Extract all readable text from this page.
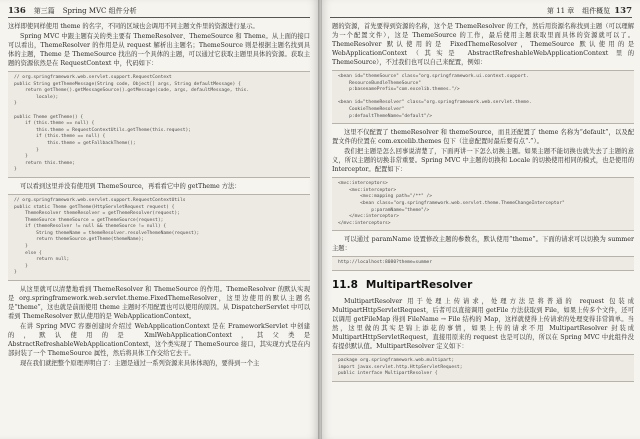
136 第三篇 Spring MVC 组件分析

这样即使同样使用 theme 的名字，不同的区域也会调用不同主题文件里的资源进行显示。

Spring MVC 中跟主题有关的类主要有 ThemeResolver、ThemeSource 和 Theme。从上面的接口可以看出，ThemeResolver 的作用是从 request 解析出主题名；ThemeSource 则是根据主题名找到具体的主题，Theme 是 ThemeSource 找出的一个具体的主题，可以通过它获取主题里具体的资源。获取主题的资源依然是在 RequestContext 中，代码如下：

// org.springframework.web.servlet.support.RequestContext
public String getThemeMessage(String code, Object[] args, String defaultMessage) {
return getTheme().getMessageSource().getMessage(code, args, defaultMessage, this.
locale);
}

public Theme getTheme() {
if (this.theme == null) {
this.theme = RequestContextUtils.getTheme(this.request);
if (this.theme == null) {
this.theme = getFallbackTheme();
}
}
return this.theme;
}

可以看到这里并没有使用到 ThemeSource，再看看它中的 getTheme 方法：

// org.springframework.web.servlet.support.RequestContextUtils
public static Theme getTheme(HttpServletRequest request) {
ThemeResolver themeResolver = getThemeResolver(request);
ThemeSource themeSource = getThemeSource(request);
if (themeResolver != null && themeSource != null) {
String themeName = themeResolver.resolveThemeName(request);
return themeSource.getTheme(themeName);
}
else {
return null;
}
}

从这里就可以清楚地看到 ThemeResolver 和 ThemeSource 的作用。ThemeResolver 的默认实现是 org.springframework.web.servlet.theme.FixedThemeResolver，这里边使用的默认主题名是“theme”，这也就是前面使用 theme 主题时不用配置也可以使用的原因。从 DispatcherServlet 中可以看到 ThemeResolver 默认使用的是 WebApplicationContext。

在讲 Spring MVC 容器创建时介绍过 WebApplicationContext 是在 FrameworkServlet 中创建的，默认使用的是 XmlWebApplicationContext，其父类是 AbstractRefreshableWebApplicationContext，这个类实现了 ThemeSource 接口，其实现方式是在内部封装了一个 ThemeSource 属性，然后将具体工作交给它去干。

现在我们就把整个原理弄明白了：主题是通过一系列资源来具体体现的，要得到一个主

第 11 章 组件概览 137

题的资源，首先要得到资源的名称，这个是 ThemeResolver 的工作，然后用资源名称找到主题（可以理解为一个配置文件），这是 ThemeSource 的工作，最后使用主题获取里面具体的资源就可以了。ThemeResolver 默认使用的是 FixedThemeResolver，ThemeSource 默认使用的是 WebApplicationContext（其实是 AbstractRefreshableWebApplicationContext 里的 ThemeSource），不过我们也可以自己来配置，例如：

<bean id="themeSource" class="org.springframework.ui.context.support.
ResourceBundleThemeSource"
p:basenamePrefix="com.excelib.themes."/>

<bean id="themeResolver" class="org.springframework.web.servlet.theme.
CookieThemeResolver"
p:defaultThemeName="default"/>

这里不仅配置了 themeResolver 和 themeSource，而且还配置了 theme 名称为“default”，以及配置文件的位置在 com.excelib.themes 包下（注意配置时最后要有点“.”）。

我们把主题是怎么回事说清楚了，下面再讲一下怎么切换主题。如果主题不能切换也就失去了主题的意义，所以主题的切换非常重要。Spring MVC 中主题的切换和 Locale 的切换使用相同的模式，也是使用的 Interceptor。配置如下：

<mvc:interceptors>
<mvc:interceptor>
<mvc:mapping path="/**" />
<bean class="org.springframework.web.servlet.theme.ThemeChangeInterceptor"
p:paramName="theme"/>
</mvc:interceptor>
</mvc:interceptors>

可以通过 paramName 设置修改主题的参数名，默认使用“theme”。下面的请求可以切换为 summer 主题：

http://localhost:8080?theme=summer
11.8 MultipartResolver

MultipartResolver 用于处理上传请求，处理方法是将普通的 request 包装成 MultipartHttpServletRequest，后者可以直接调用 getFile 方法获取到 File，如果上传多个文件，还可以调用 getFileMap 得到 FileName → File 结构的 Map，这样就使得上传请求的处理变得非常简单。当然，这里做的其实是锦上添花的事情，如果上传的请求不用 MultipartResolver 封装成 MultipartHttpServletRequest，直接用原来的 request 也是可以的，所以在 Spring MVC 中此组件没有提供默认值。MultipartResolver 定义如下：

package org.springframework.web.multipart;
import javax.servlet.http.HttpServletRequest;
public interface MultipartResolver {
